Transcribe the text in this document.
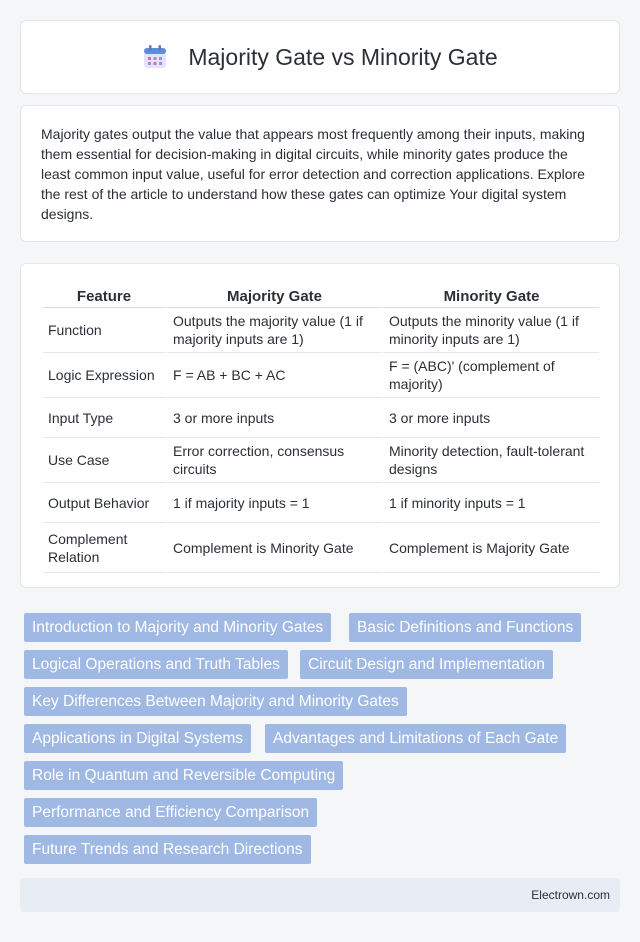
Majority Gate vs Minority Gate

Majority gates output the value that appears most frequently among their inputs, making them essential for decision-making in digital circuits, while minority gates produce the least common input value, useful for error detection and correction applications. Explore the rest of the article to understand how these gates can optimize Your digital system designs.

Feature	Majority Gate	Minority Gate
Function	Outputs the majority value (1 if majority inputs are 1)	Outputs the minority value (1 if minority inputs are 1)
Logic Expression	F = AB + BC + AC	F = (ABC)' (complement of majority)
Input Type	3 or more inputs	3 or more inputs
Use Case	Error correction, consensus circuits	Minority detection, fault-tolerant designs
Output Behavior	1 if majority inputs = 1	1 if minority inputs = 1
Complement Relation	Complement is Minority Gate	Complement is Majority Gate
Introduction to Majority and Minority Gates	Basic Definitions and Functions
Logical Operations and Truth Tables	Circuit Design and Implementation
Key Differences Between Majority and Minority Gates
Applications in Digital Systems	Advantages and Limitations of Each Gate
Role in Quantum and Reversible Computing
Performance and Efficiency Comparison
Future Trends and Research Directions
Electrown.com
